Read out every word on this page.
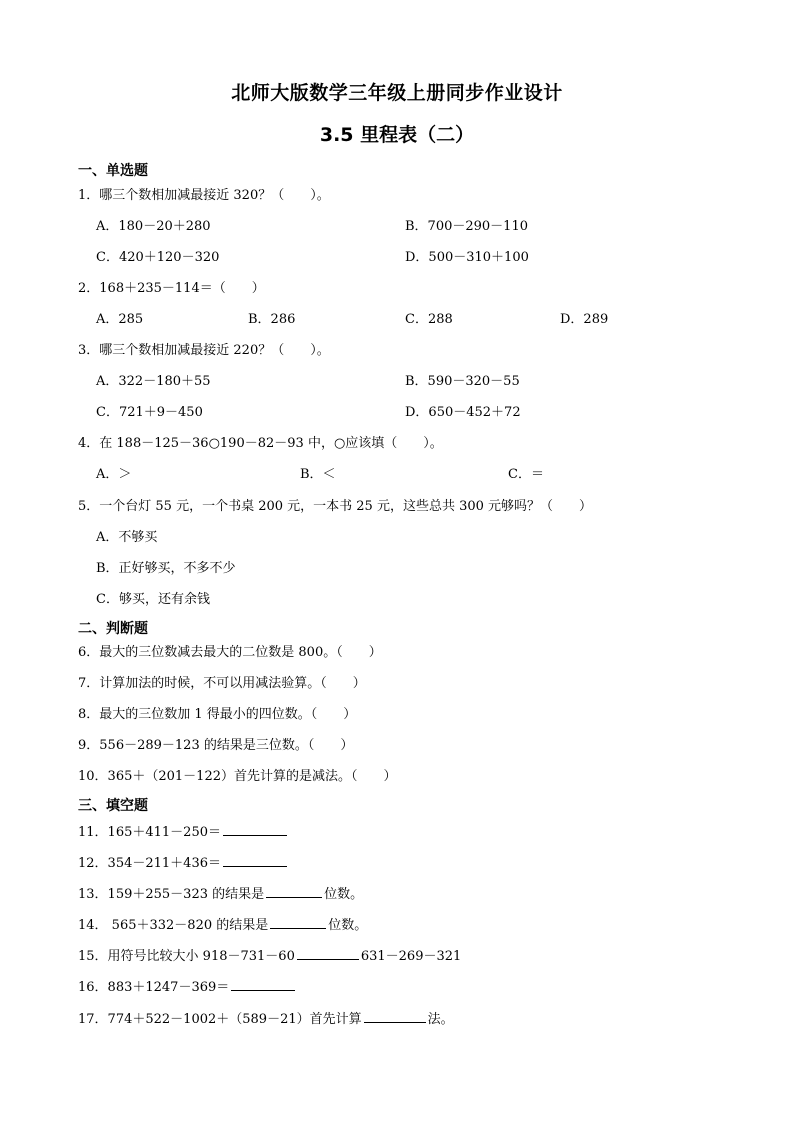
北师大版数学三年级上册同步作业设计
3.5 里程表（二）
一、单选题
1．哪三个数相加减最接近 320？（　　）。
A．180－20＋280	B．700－290－110
C．420＋120－320	D．500－310＋100
2．168＋235－114＝（　　）
A．285	B．286	C．288	D．289
3．哪三个数相加减最接近 220？（　　）。
A．322－180＋55	B．590－320－55
C．721＋9－450	D．650－452＋72
4．在 188－125－36○190－82－93 中，○应该填（　　）。
A．＞	B．＜	C．＝
5．一个台灯 55 元，一个书桌 200 元，一本书 25 元，这些总共 300 元够吗？（　　）
A．不够买
B．正好够买，不多不少
C．够买，还有余钱
二、判断题
6．最大的三位数减去最大的二位数是 800。（　　）
7．计算加法的时候，不可以用减法验算。（　　）
8．最大的三位数加 1 得最小的四位数。（　　）
9．556－289－123 的结果是三位数。（　　）
10．365＋（201－122）首先计算的是减法。（　　）
三、填空题
11．165＋411－250＝
12．354－211＋436＝
13．159＋255－323 的结果是	位数。
14． 565＋332－820 的结果是	位数。
15．用符号比较大小 918－731－60	631－269－321
16．883＋1247－369＝
17．774＋522－1002＋（589－21）首先计算	法。
